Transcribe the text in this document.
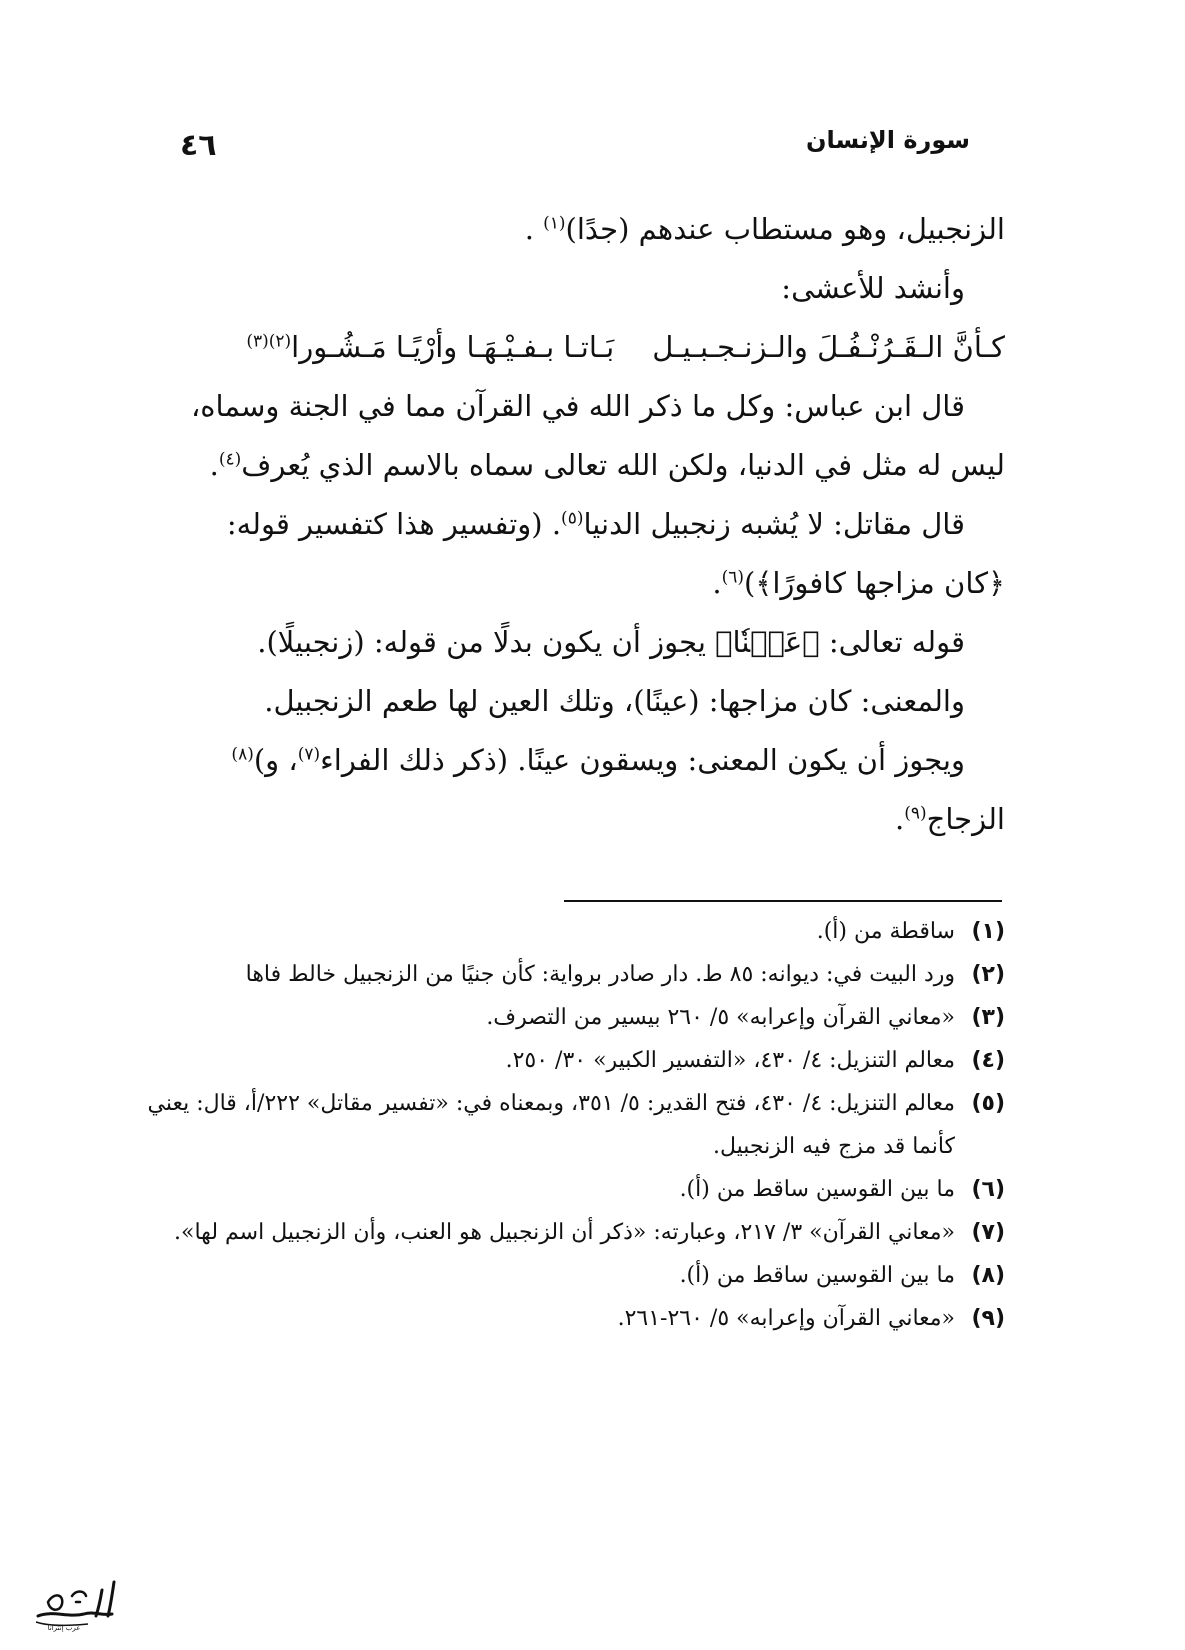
سورة الإنسان
٤٦
الزنجبيل، وهو مستطاب عندهم (جدًا)$^{(١)}$ .
وأنشد للأعشى:
كـأنَّ الـقَـرُنْـفُـلَ والـزنـجـبـيـلبَـاتـا بـفـيْـهَـا وأرْيًـا مَـشُـورا$^{(٢)(٣)}$
قال ابن عباس: وكل ما ذكر الله في القرآن مما في الجنة وسماه،
ليس له مثل في الدنيا، ولكن الله تعالى سماه بالاسم الذي يُعرف$^{(٤)}$.
قال مقاتل: لا يُشبه زنجبيل الدنيا$^{(٥)}$. (وتفسير هذا كتفسير قوله:
﴿كان مزاجها كافورًا﴾)$^{(٦)}$.
قوله تعالى: ﴿عَيۡنٗا﴾ يجوز أن يكون بدلًا من قوله: (زنجبيلًا).
والمعنى: كان مزاجها: (عينًا)، وتلك العين لها طعم الزنجبيل.
ويجوز أن يكون المعنى: ويسقون عينًا. (ذكر ذلك الفراء$^{(٧)}$، و)$^{(٨)}$
الزجاج$^{(٩)}$.
(١)
ساقطة من (أ).
(٢)
ورد البيت في: ديوانه: ٨٥ ط. دار صادر برواية: كأن جنيًا من الزنجبيل خالط فاها
(٣)
«معاني القرآن وإعرابه» ٥/ ٢٦٠ بيسير من التصرف.
(٤)
معالم التنزيل: ٤/ ٤٣٠، «التفسير الكبير» ٣٠/ ٢٥٠.
(٥)
معالم التنزيل: ٤/ ٤٣٠، فتح القدير: ٥/ ٣٥١، وبمعناه في: «تفسير مقاتل» ٢٢٢/أ، قال: يعني كأنما قد مزج فيه الزنجبيل.
(٦)
ما بين القوسين ساقط من (أ).
(٧)
«معاني القرآن» ٣/ ٢١٧، وعبارته: «ذكر أن الزنجبيل هو العنب، وأن الزنجبيل اسم لها».
(٨)
ما بين القوسين ساقط من (أ).
(٩)
«معاني القرآن وإعرابه» ٥/ ٢٦٠-٢٦١.
عرب إنترانا
